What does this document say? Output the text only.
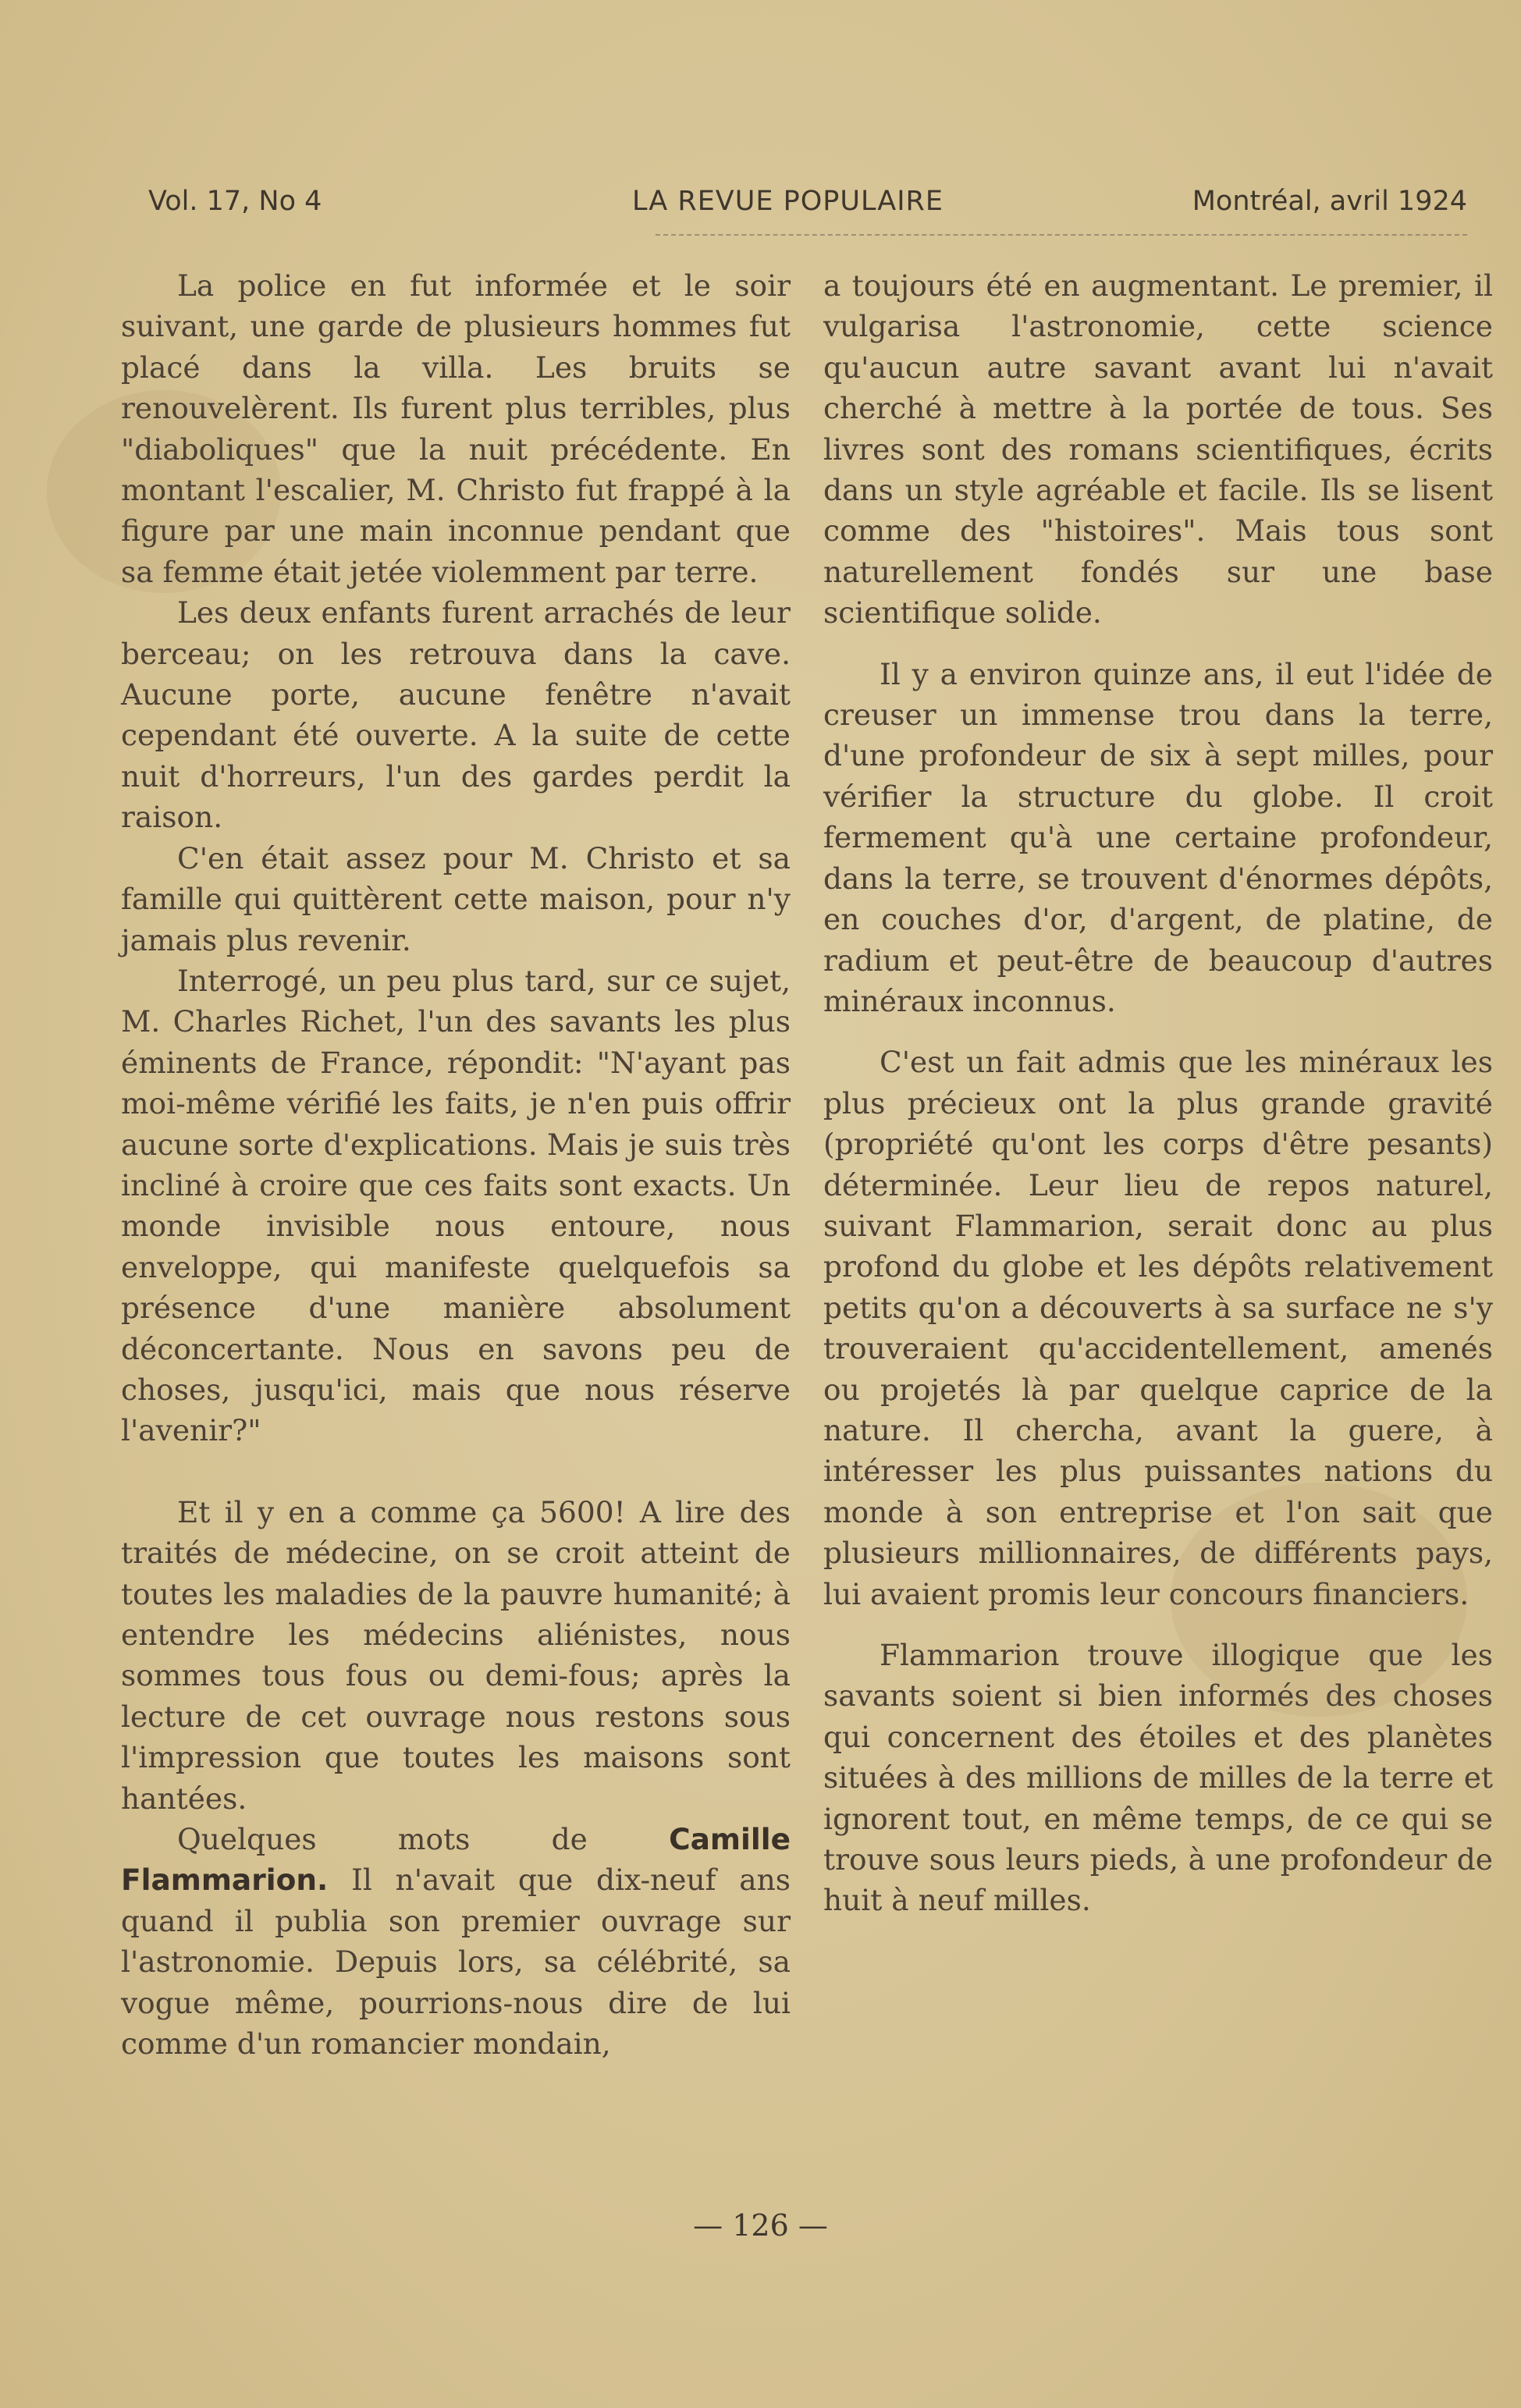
Vol. 17, No 4	LA REVUE POPULAIRE	Montréal, avril 1924

La police en fut informée et le soir suivant, une garde de plusieurs hommes fut placé dans la villa. Les bruits se renouvelèrent. Ils furent plus terribles, plus "diaboliques" que la nuit précédente. En montant l'escalier, M. Christo fut frappé à la figure par une main inconnue pendant que sa femme était jetée violemment par terre.

Les deux enfants furent arrachés de leur berceau; on les retrouva dans la cave. Aucune porte, aucune fenêtre n'avait cependant été ouverte. A la suite de cette nuit d'horreurs, l'un des gardes perdit la raison.

C'en était assez pour M. Christo et sa famille qui quittèrent cette maison, pour n'y jamais plus revenir.

Interrogé, un peu plus tard, sur ce sujet, M. Charles Richet, l'un des savants les plus éminents de France, répondit: "N'ayant pas moi-même vérifié les faits, je n'en puis offrir aucune sorte d'explications. Mais je suis très incliné à croire que ces faits sont exacts. Un monde invisible nous entoure, nous enveloppe, qui manifeste quelquefois sa présence d'une manière absolument déconcertante. Nous en savons peu de choses, jusqu'ici, mais que nous réserve l'avenir?"

Et il y en a comme ça 5600! A lire des traités de médecine, on se croit atteint de toutes les maladies de la pauvre humanité; à entendre les médecins aliénistes, nous sommes tous fous ou demi-fous; après la lecture de cet ouvrage nous restons sous l'impression que toutes les maisons sont hantées.

Quelques mots de	Camille Flammarion. Il n'avait que dix-neuf ans quand il publia son premier ouvrage sur l'astronomie. Depuis lors, sa célébrité, sa vogue même, pourrions-nous dire de lui comme d'un romancier mondain,

a toujours été en augmentant. Le premier, il vulgarisa l'astronomie, cette science qu'aucun autre savant avant lui n'avait cherché à mettre à la portée de tous. Ses livres sont des romans scientifiques, écrits dans un style agréable et facile. Ils se lisent comme des "histoires". Mais tous sont naturellement fondés sur une base scientifique solide.

Il y a environ quinze ans, il eut l'idée de creuser un immense trou dans la terre, d'une profondeur de six à sept milles, pour vérifier la structure du globe. Il croit fermement qu'à une certaine profondeur, dans la terre, se trouvent d'énormes dépôts, en couches d'or, d'argent, de platine, de radium et peut-être de beaucoup d'autres minéraux inconnus.

C'est un fait admis que les minéraux les plus précieux ont la plus grande gravité (propriété qu'ont les corps d'être pesants) déterminée. Leur lieu de repos naturel, suivant Flammarion, serait donc au plus profond du globe et les dépôts relativement petits qu'on a découverts à sa surface ne s'y trouveraient qu'accidentellement, amenés ou projetés là par quelque caprice de la nature. Il chercha, avant la guere, à intéresser les plus puissantes nations du monde à son entreprise et l'on sait que plusieurs millionnaires, de différents pays, lui avaient promis leur concours financiers.

Flammarion trouve illogique que les savants soient si bien informés des choses qui concernent des étoiles et des planètes situées à des millions de milles de la terre et ignorent tout, en même temps, de ce qui se trouve sous leurs pieds, à une profondeur de huit à neuf milles.

— 126 —
